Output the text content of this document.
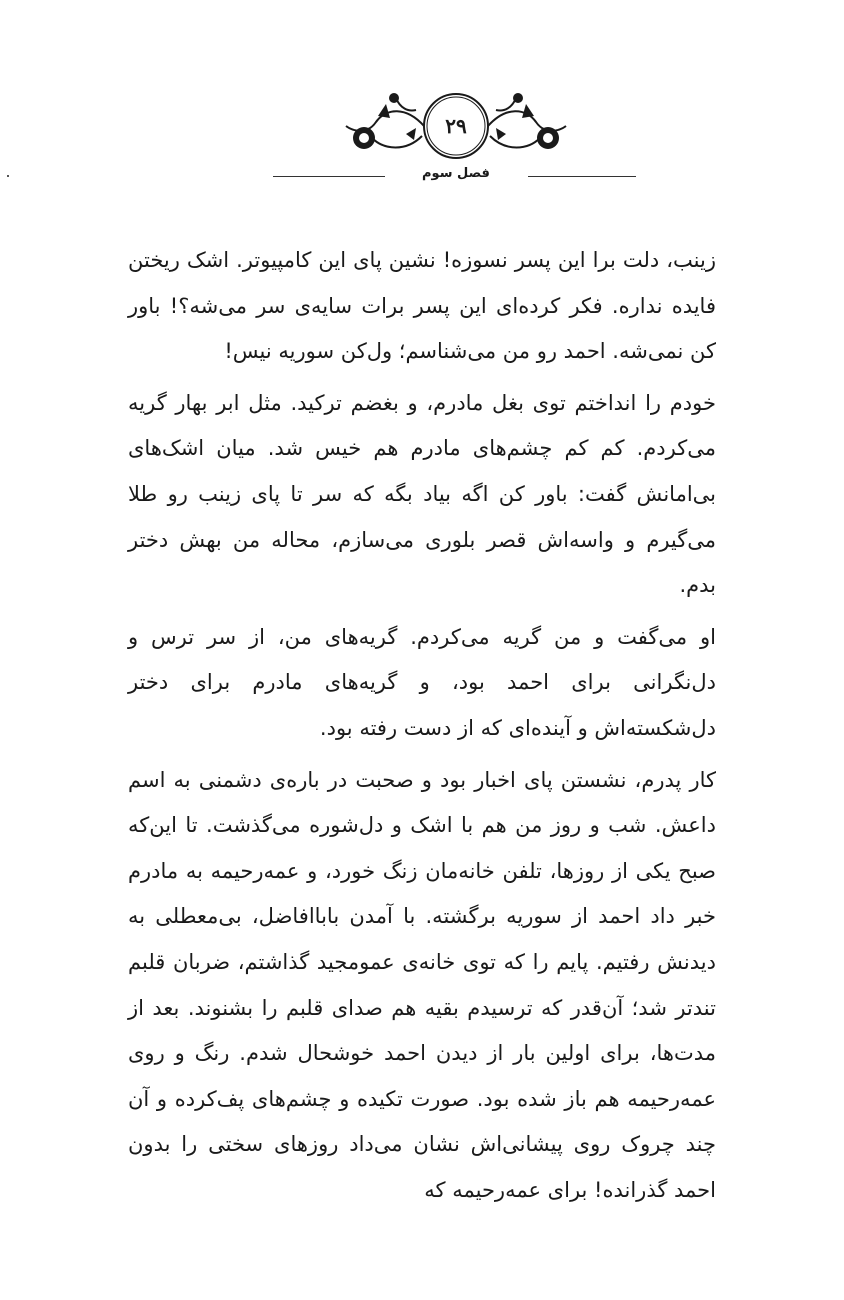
۲۹
فصل سوم

زینب، دلت برا این پسر نسوزه! نشین پای این کامپیوتر. اشک ریختن فایده نداره. فکر کرده‌ای این پسر برات سایه‌ی سر می‌شه؟! باور کن نمی‌شه. احمد رو من می‌شناسم؛ ول‌کن سوریه نیس!

خودم را انداختم توی بغل مادرم، و بغضم ترکید. مثل ابر بهار گریه می‌کردم. کم کم چشم‌های مادرم هم خیس شد. میان اشک‌های بی‌امانش گفت: باور کن اگه بیاد بگه که سر تا پای زینب رو طلا می‌گیرم و واسه‌اش قصر بلوری می‌سازم، محاله من بهش دختر بدم.

او می‌گفت و من گریه می‌کردم. گریه‌های من، از سر ترس و دل‌نگرانی برای احمد بود، و گریه‌های مادرم برای دختر دل‌شکسته‌اش و آینده‌ای که از دست رفته بود.

کار پدرم، نشستن پای اخبار بود و صحبت در باره‌ی دشمنی به اسم داعش. شب و روز من هم با اشک و دل‌شوره می‌گذشت. تا این‌که صبح یکی از روزها، تلفن خانه‌مان زنگ خورد، و عمه‌رحیمه به مادرم خبر داد احمد از سوریه برگشته. با آمدن باباافاضل، بی‌معطلی به دیدنش رفتیم. پایم را که توی خانه‌ی عمومجید گذاشتم، ضربان قلبم تندتر شد؛ آن‌قدر که ترسیدم بقیه هم صدای قلبم را بشنوند. بعد از مدت‌ها، برای اولین بار از دیدن احمد خوشحال شدم. رنگ و روی عمه‌رحیمه هم باز شده بود. صورت تکیده و چشم‌های پف‌کرده و آن چند چروک روی پیشانی‌اش نشان می‌داد روزهای سختی را بدون احمد گذرانده! برای عمه‌رحیمه که
